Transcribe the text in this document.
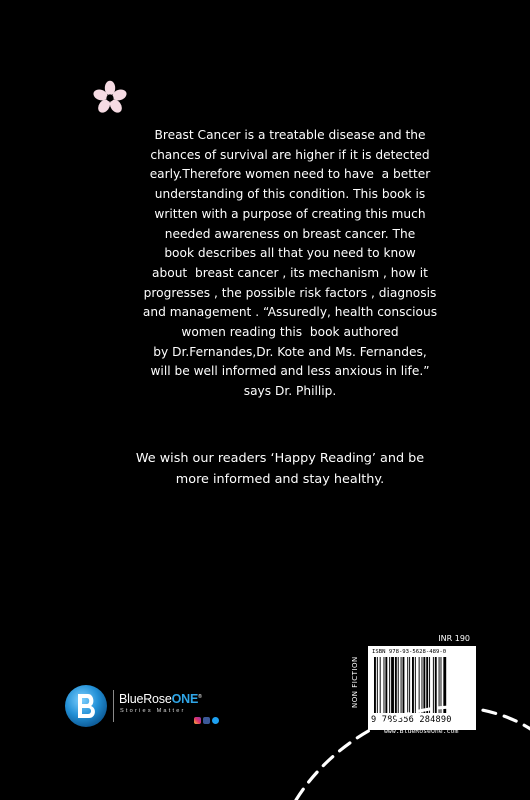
Breast Cancer is a treatable disease and the
chances of survival are higher if it is detected
early.Therefore women need to have  a better
understanding of this condition. This book is
written with a purpose of creating this much
needed awareness on breast cancer. The
book describes all that you need to know
about  breast cancer , its mechanism , how it
progresses , the possible risk factors , diagnosis
and management . “Assuredly, health conscious
women reading this  book authored
by Dr.Fernandes,Dr. Kote and Ms. Fernandes,
will be well informed and less anxious in life.”
says Dr. Phillip.
We wish our readers ‘Happy Reading’ and be
more informed and stay healthy.
INR 190
NON FICTION
ISBN 978-93-5628-489-0
9 789356 284890
www.BlueRoseOne.com
BlueRoseONE®
Stories Matter
